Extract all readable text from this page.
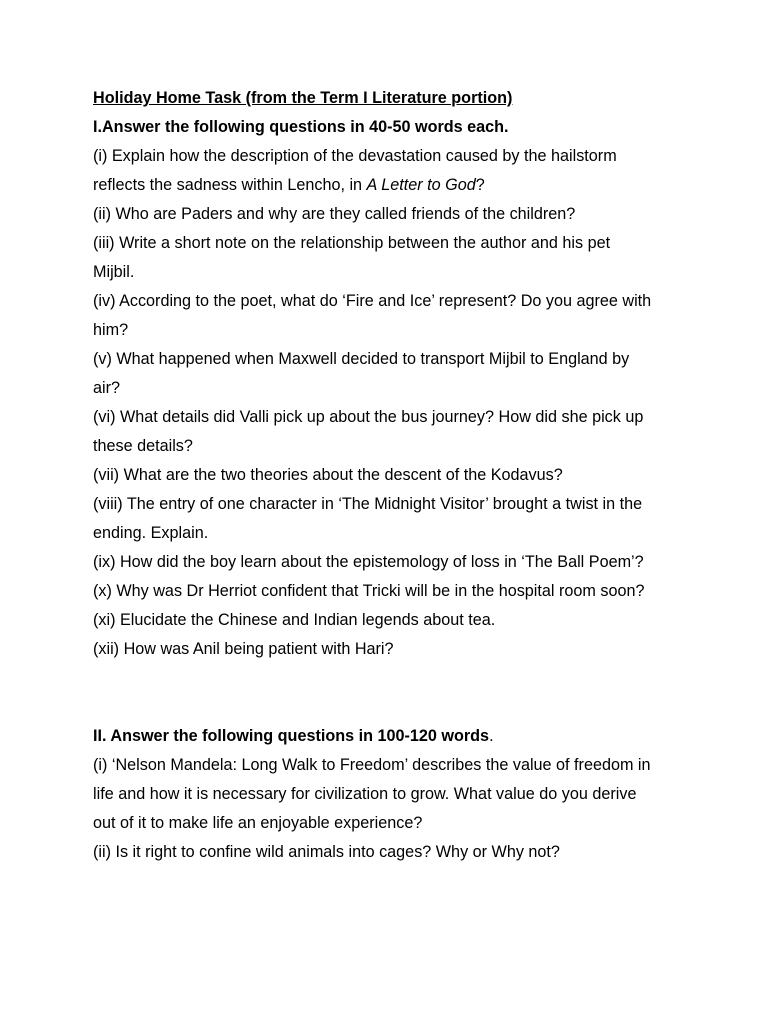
Holiday Home Task (from the Term I Literature portion)

I.Answer the following questions in 40-50 words each.

(i) Explain how the description of the devastation caused by the hailstorm

reflects the sadness within Lencho, in A Letter to God?

(ii) Who are Paders and why are they called friends of the children?

(iii) Write a short note on the relationship between the author and his pet

Mijbil.

(iv) According to the poet, what do ‘Fire and Ice’ represent? Do you agree with

him?

(v) What happened when Maxwell decided to transport Mijbil to England by

air?

(vi) What details did Valli pick up about the bus journey? How did she pick up

these details?

(vii) What are the two theories about the descent of the Kodavus?

(viii) The entry of one character in ‘The Midnight Visitor’ brought a twist in the

ending. Explain.

(ix) How did the boy learn about the epistemology of loss in ‘The Ball Poem’?

(x) Why was Dr Herriot confident that Tricki will be in the hospital room soon?

(xi) Elucidate the Chinese and Indian legends about tea.

(xii) How was Anil being patient with Hari?

II. Answer the following questions in 100-120 words.

(i) ‘Nelson Mandela: Long Walk to Freedom’ describes the value of freedom in

life and how it is necessary for civilization to grow. What value do you derive

out of it to make life an enjoyable experience?

(ii) Is it right to confine wild animals into cages? Why or Why not?
